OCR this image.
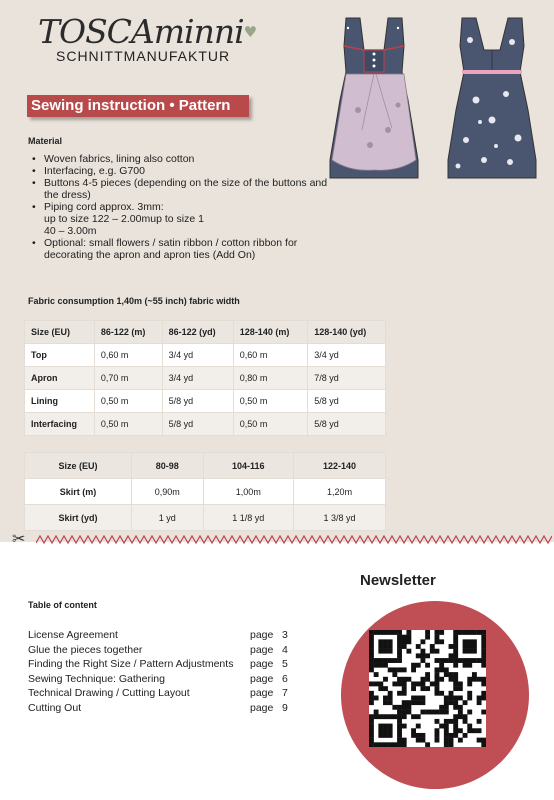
TOSCAminni♥
SCHNITTMANUFAKTUR
Sewing instruction • Pattern
Material
• Woven fabrics, lining also cotton
• Interfacing, e.g. G700
• Buttons 4-5 pieces (depending on the size of the buttons and the dress)
• Piping cord approx. 3mm:
up to size 122 – 2.00mup to size 1
40 – 3.00m
• Optional: small flowers / satin ribbon / cotton ribbon for decorating the apron and apron ties (Add On)
Fabric consumption 1,40m (~55 inch) fabric width
Size (EU)	86-122 (m)	86-122 (yd)	128-140 (m)	128-140 (yd)
Top	0,60 m	3/4 yd	0,60 m	3/4 yd
Apron	0,70 m	3/4 yd	0,80 m	7/8 yd
Lining	0,50 m	5/8 yd	0,50 m	5/8 yd
Interfacing	0,50 m	5/8 yd	0,50 m	5/8 yd
Size (EU)	80-98	104-116	122-140
Skirt (m)	0,90m	1,00m	1,20m
Skirt (yd)	1 yd	1 1/8 yd	1 3/8 yd
✂
Table of content
License Agreement	page 3
Glue the pieces together	page 4
Finding the Right Size / Pattern Adjustments page 5
Sewing Technique: Gathering	page 6
Technical Drawing / Cutting Layout	page 7
Cutting Out	page 9
Newsletter
